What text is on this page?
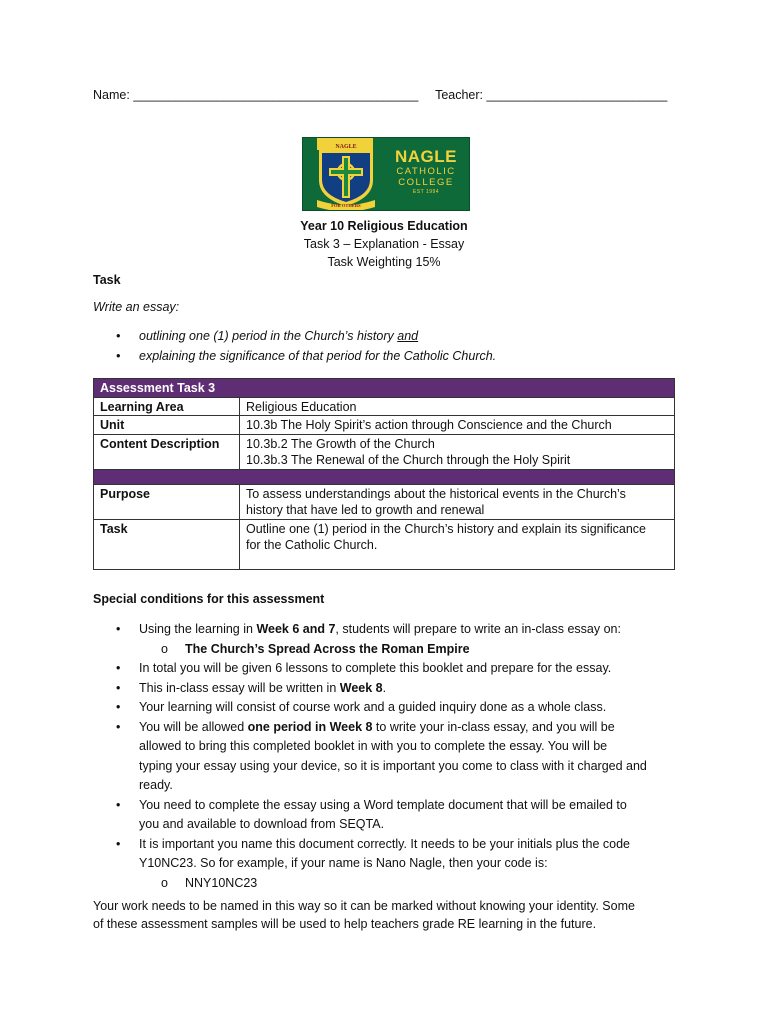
Name: _________________________________________ Teacher: __________________________
NAGLE
FOR OTHERS
NAGLE
CATHOLIC
COLLEGE
EST 1994
Year 10 Religious Education
Task 3 – Explanation - Essay
Task Weighting 15%
Task
Write an essay:
• outlining one (1) period in the Church’s history and
• explaining the significance of that period for the Catholic Church.
Assessment Task 3	
Learning Area	Religious Education
Unit	10.3b The Holy Spirit’s action through Conscience and the Church
Content Description	10.3b.2 The Growth of the Church
10.3b.3 The Renewal of the Church through the Holy Spirit

Purpose	To assess understandings about the historical events in the Church’s
history that have led to growth and renewal

Task	Outline one (1) period in the Church’s history and explain its significance
for the Catholic Church.
Special conditions for this assessment
• Using the learning in Week 6 and 7, students will prepare to write an in-class essay on:
o The Church’s Spread Across the Roman Empire
• In total you will be given 6 lessons to complete this booklet and prepare for the essay.
• This in-class essay will be written in Week 8.
• Your learning will consist of course work and a guided inquiry done as a whole class.
• You will be allowed one period in Week 8 to write your in-class essay, and you will be
allowed to bring this completed booklet in with you to complete the essay. You will be
typing your essay using your device, so it is important you come to class with it charged and
ready.
• You need to complete the essay using a Word template document that will be emailed to
you and available to download from SEQTA.
• It is important you name this document correctly. It needs to be your initials plus the code
Y10NC23. So for example, if your name is Nano Nagle, then your code is:
o NNY10NC23
Your work needs to be named in this way so it can be marked without knowing your identity. Some
of these assessment samples will be used to help teachers grade RE learning in the future.
